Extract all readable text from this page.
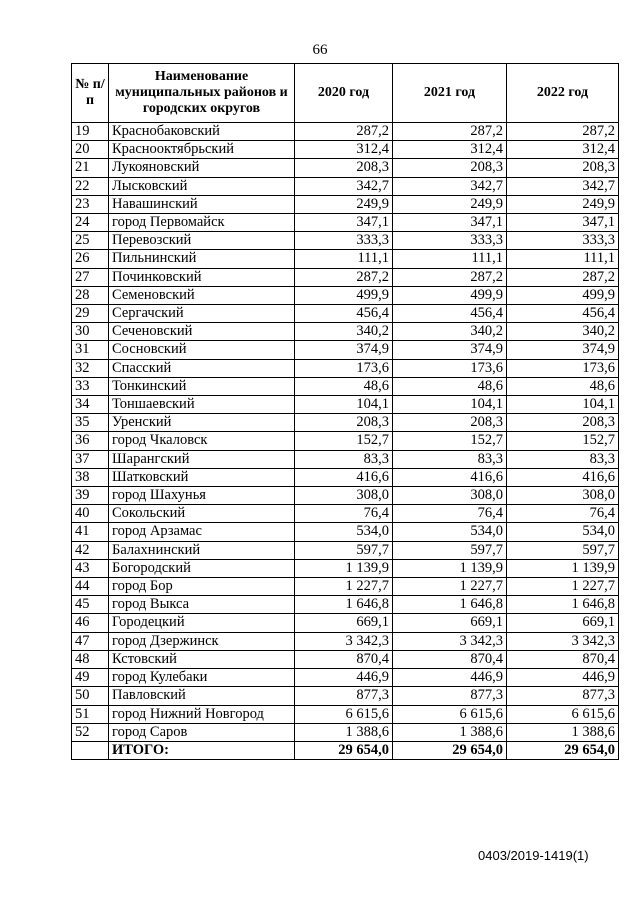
66
№ п/п	Наименование муниципальных районов и городских округов	2020 год	2021 год	2022 год
19	Краснобаковский	287,2	287,2	287,2
20	Краснооктябрьский	312,4	312,4	312,4
21	Лукояновский	208,3	208,3	208,3
22	Лысковский	342,7	342,7	342,7
23	Навашинский	249,9	249,9	249,9
24	город Первомайск	347,1	347,1	347,1
25	Перевозский	333,3	333,3	333,3
26	Пильнинский	111,1	111,1	111,1
27	Починковский	287,2	287,2	287,2
28	Семеновский	499,9	499,9	499,9
29	Сергачский	456,4	456,4	456,4
30	Сеченовский	340,2	340,2	340,2
31	Сосновский	374,9	374,9	374,9
32	Спасский	173,6	173,6	173,6
33	Тонкинский	48,6	48,6	48,6
34	Тоншаевский	104,1	104,1	104,1
35	Уренский	208,3	208,3	208,3
36	город Чкаловск	152,7	152,7	152,7
37	Шарангский	83,3	83,3	83,3
38	Шатковский	416,6	416,6	416,6
39	город Шахунья	308,0	308,0	308,0
40	Сокольский	76,4	76,4	76,4
41	город Арзамас	534,0	534,0	534,0
42	Балахнинский	597,7	597,7	597,7
43	Богородский	1 139,9	1 139,9	1 139,9
44	город Бор	1 227,7	1 227,7	1 227,7
45	город Выкса	1 646,8	1 646,8	1 646,8
46	Городецкий	669,1	669,1	669,1
47	город Дзержинск	3 342,3	3 342,3	3 342,3
48	Кстовский	870,4	870,4	870,4
49	город Кулебаки	446,9	446,9	446,9
50	Павловский	877,3	877,3	877,3
51	город Нижний Новгород	6 615,6	6 615,6	6 615,6
52	город Саров	1 388,6	1 388,6	1 388,6
	ИТОГО:	29 654,0	29 654,0	29 654,0
0403/2019-1419(1)
